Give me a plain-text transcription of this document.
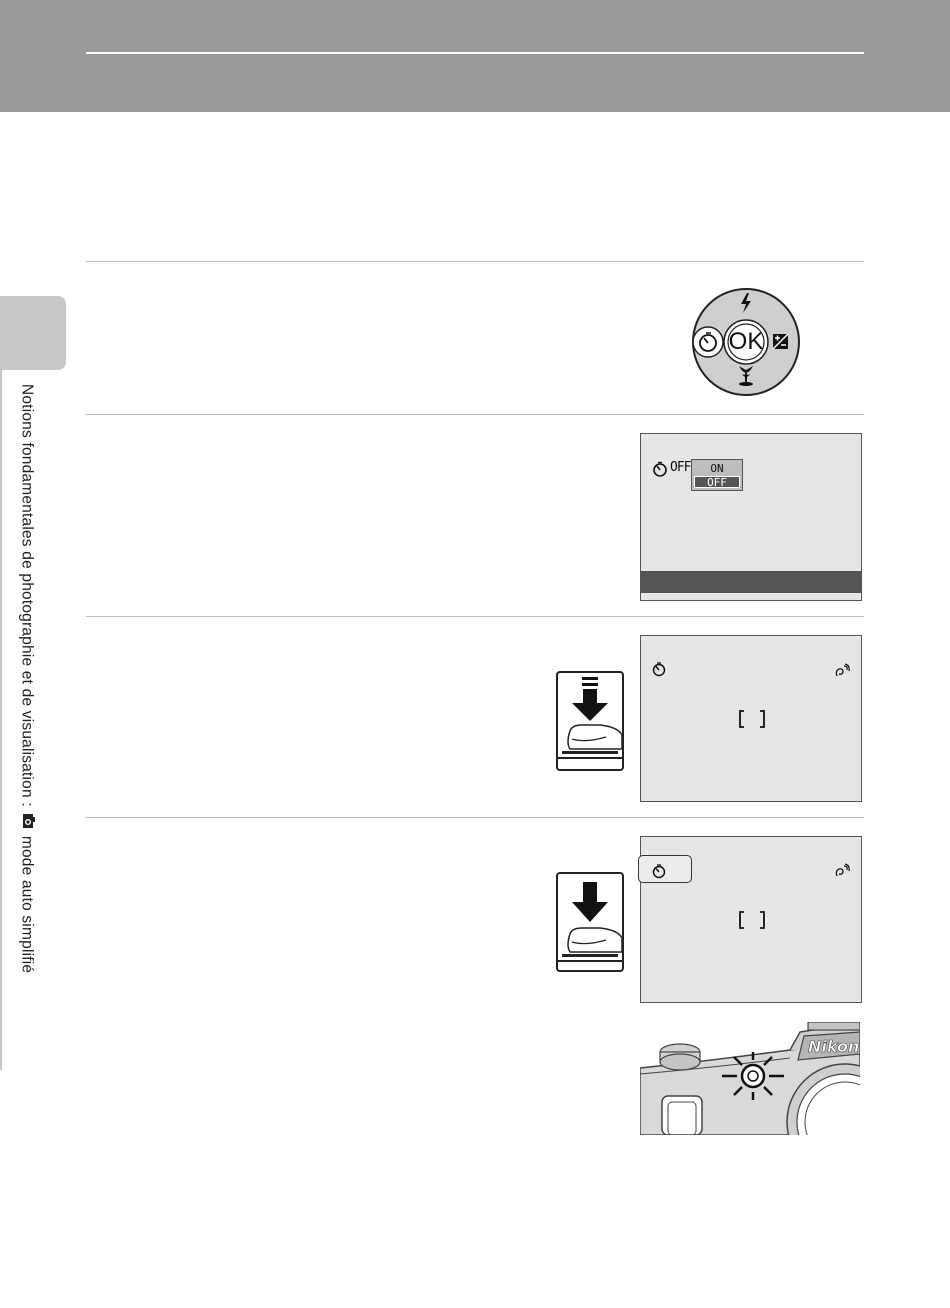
Notions fondamentales de photographie et de visualisation :  mode auto simplifié
OK
OFF	ON
OFF
Nikon
